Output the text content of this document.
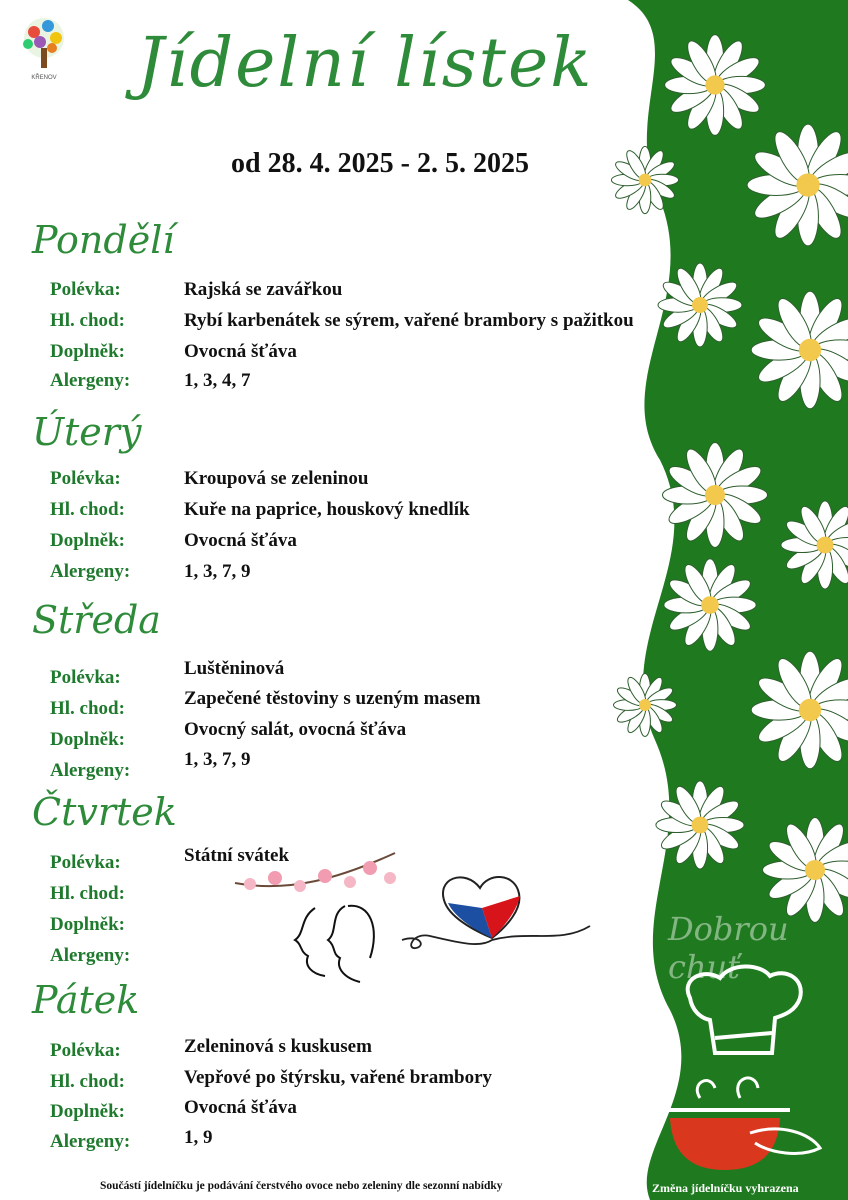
KŘENOV	Jídelní lístek
od 28. 4. 2025 - 2. 5. 2025
Pondělí
Polévka:	Rajská se zavářkou
Hl. chod:	Rybí karbenátek se sýrem, vařené brambory s pažitkou
Doplněk:	Ovocná šťáva
Alergeny:	1, 3, 4, 7
Úterý
Polévka:	Kroupová se zeleninou
Hl. chod:	Kuře na paprice, houskový knedlík
Doplněk:	Ovocná šťáva
Alergeny:	1, 3, 7, 9
Středa
Polévka:	Luštěninová
Hl. chod:	Zapečené těstoviny s uzeným masem
Doplněk:	Ovocný salát, ovocná šťáva
Alergeny:
1, 3, 7, 9
Čtvrtek
Polévka:	Státní svátek
Hl. chod:
Doplněk:
Alergeny:
Pátek
Polévka:	Zeleninová s kuskusem
Hl. chod:	Vepřové po štýrsku, vařené brambory
Doplněk:	Ovocná šťáva
Alergeny:	1, 9
Dobrou chuť
Součástí jídelníčku je podávání čerstvého ovoce nebo zeleniny dle sezonní nabídky	Změna jídelníčku vyhrazena
